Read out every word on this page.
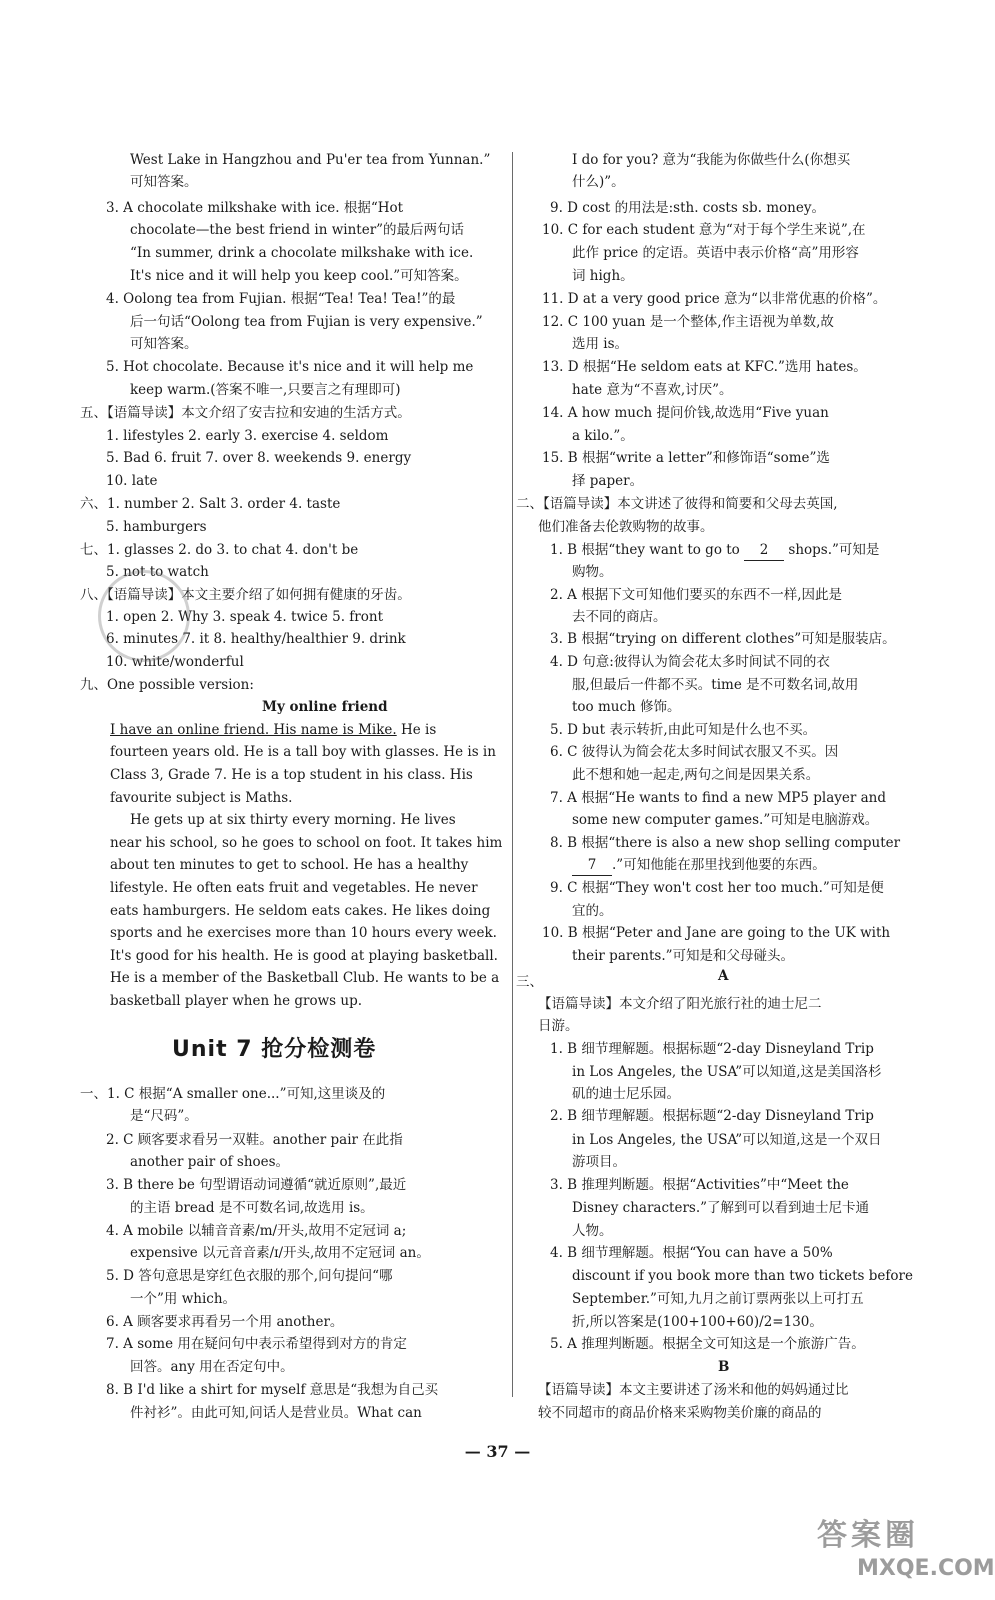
West Lake in Hangzhou and Pu'er tea from Yunnan.”
可知答案。
3. A chocolate milkshake with ice. 根据“Hot
chocolate—the best friend in winter”的最后两句话
“In summer, drink a chocolate milkshake with ice.
It's nice and it will help you keep cool.”可知答案。
4. Oolong tea from Fujian. 根据“Tea! Tea! Tea!”的最
后一句话“Oolong tea from Fujian is very expensive.”
可知答案。
5. Hot chocolate. Because it's nice and it will help me
keep warm.(答案不唯一,只要言之有理即可)
五、【语篇导读】本文介绍了安吉拉和安迪的生活方式。
1. lifestyles 2. early 3. exercise 4. seldom
5. Bad 6. fruit 7. over 8. weekends 9. energy
10. late
六、1. number 2. Salt 3. order 4. taste
5. hamburgers
七、1. glasses 2. do 3. to chat 4. don't be
5. not to watch
八、【语篇导读】本文主要介绍了如何拥有健康的牙齿。
1. open 2. Why 3. speak 4. twice 5. front
6. minutes 7. it 8. healthy/healthier 9. drink
10. white/wonderful
九、One possible version:
My online friend
I have an online friend. His name is Mike. He is
fourteen years old. He is a tall boy with glasses. He is in
Class 3, Grade 7. He is a top student in his class. His
favourite subject is Maths.
He gets up at six thirty every morning. He lives
near his school, so he goes to school on foot. It takes him
about ten minutes to get to school. He has a healthy
lifestyle. He often eats fruit and vegetables. He never
eats hamburgers. He seldom eats cakes. He likes doing
sports and he exercises more than 10 hours every week.
It's good for his health. He is good at playing basketball.
He is a member of the Basketball Club. He wants to be a
basketball player when he grows up.
一、1. C 根据“A smaller one...”可知,这里谈及的
是“尺码”。
2. C 顾客要求看另一双鞋。another pair 在此指
another pair of shoes。
3. B there be 句型谓语动词遵循“就近原则”,最近
的主语 bread 是不可数名词,故选用 is。
4. A mobile 以辅音音素/m/开头,故用不定冠词 a;
expensive 以元音音素/ɪ/开头,故用不定冠词 an。
5. D 答句意思是穿红色衣服的那个,问句提问“哪
一个”用 which。
6. A 顾客要求再看另一个用 another。
7. A some 用在疑问句中表示希望得到对方的肯定
回答。any 用在否定句中。
8. B I'd like a shirt for myself 意思是“我想为自己买
件衬衫”。由此可知,问话人是营业员。What can
I do for you? 意为“我能为你做些什么(你想买
什么)”。
9. D cost 的用法是:sth. costs sb. money。
10. C for each student 意为“对于每个学生来说”,在
此作 price 的定语。英语中表示价格“高”用形容
词 high。
11. D at a very good price 意为“以非常优惠的价格”。
12. C 100 yuan 是一个整体,作主语视为单数,故
选用 is。
13. D 根据“He seldom eats at KFC.”选用 hates。
hate 意为“不喜欢,讨厌”。
14. A how much 提问价钱,故选用“Five yuan
a kilo.”。
15. B 根据“write a letter”和修饰语“some”选
择 paper。
二、【语篇导读】本文讲述了彼得和简要和父母去英国,
他们准备去伦敦购物的故事。
1. B 根据“they want to go to 2 shops.”可知是
购物。
2. A 根据下文可知他们要买的东西不一样,因此是
去不同的商店。
3. B 根据“trying on different clothes”可知是服装店。
4. D 句意:彼得认为简会花太多时间试不同的衣
服,但最后一件都不买。time 是不可数名词,故用
too much 修饰。
5. D but 表示转折,由此可知是什么也不买。
6. C 彼得认为简会花太多时间试衣服又不买。因
此不想和她一起走,两句之间是因果关系。
7. A 根据“He wants to find a new MP5 player and
some new computer games.”可知是电脑游戏。
8. B 根据“there is also a new shop selling computer
7 .”可知他能在那里找到他要的东西。
9. C 根据“They won't cost her too much.”可知是便
宜的。
10. B 根据“Peter and Jane are going to the UK with
their parents.”可知是和父母碰头。
三、	A
【语篇导读】本文介绍了阳光旅行社的迪士尼二
日游。
1. B 细节理解题。根据标题“2-day Disneyland Trip
in Los Angeles, the USA”可以知道,这是美国洛杉
矶的迪士尼乐园。
2. B 细节理解题。根据标题“2-day Disneyland Trip
in Los Angeles, the USA”可以知道,这是一个双日
游项目。
3. B 推理判断题。根据“Activities”中“Meet the
Disney characters.”了解到可以看到迪士尼卡通
人物。
4. B 细节理解题。根据“You can have a 50%
discount if you book more than two tickets before
September.”可知,九月之前订票两张以上可打五
折,所以答案是(100+100+60)/2=130。
5. A 推理判断题。根据全文可知这是一个旅游广告。
B
【语篇导读】本文主要讲述了汤米和他的妈妈通过比
较不同超市的商品价格来采购物美价廉的商品的
Unit 7 抢分检测卷
— 37 —
答案圈
MXQE.COM
